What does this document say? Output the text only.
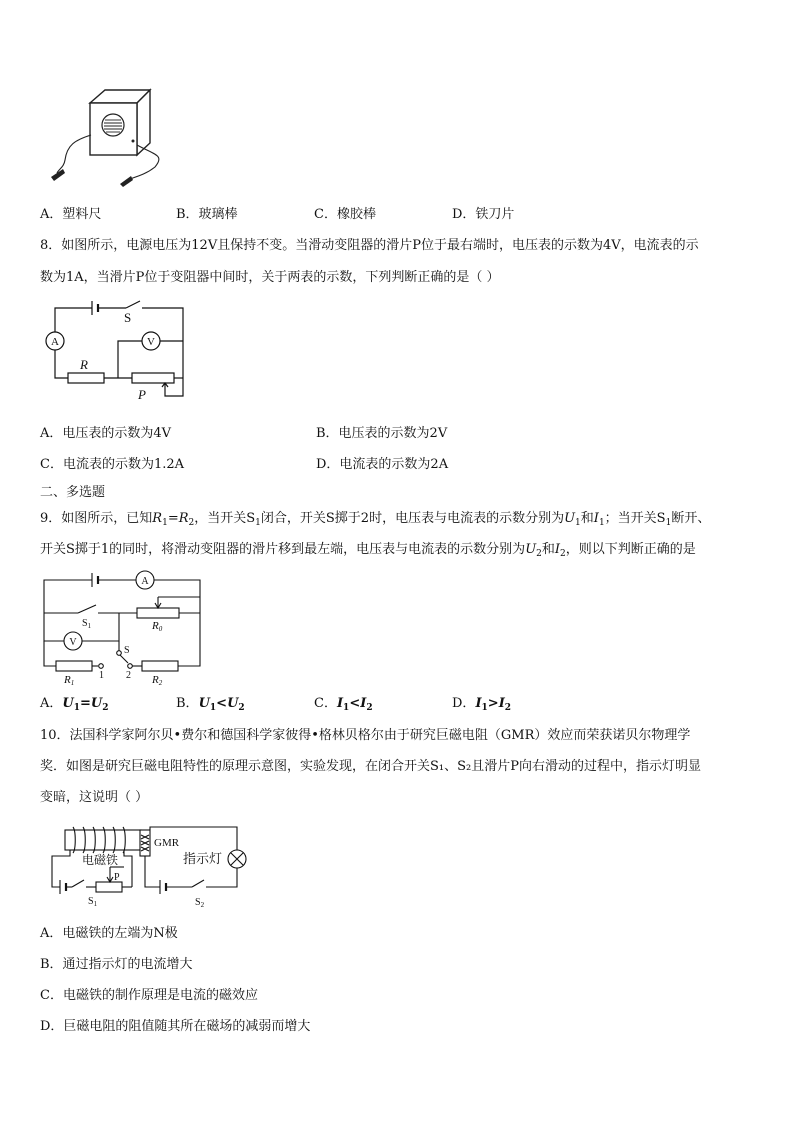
A．塑料尺	B．玻璃棒	C．橡胶棒	D．铁刀片
8．如图所示，电源电压为12V且保持不变。当滑动变阻器的滑片P位于最右端时，电压表的示数为4V，电流表的示
数为1A，当滑片P位于变阻器中间时，关于两表的示数，下列判断正确的是（ ）
A	V
S
R
P
A．电压表的示数为4V	B．电压表的示数为2V
C．电流表的示数为1.2A	D．电流表的示数为2A
二、多选题
9．如图所示，已知$R_1=R_2$，当开关$S_1$闭合，开关S掷于2时，电压表与电流表的示数分别为$U_1$和$I_1$；当开关$S_1$断开、
开关S掷于1的同时，将滑动变阻器的滑片移到最左端，电压表与电流表的示数分别为$U_2$和$I_2$，则以下判断正确的是
A
V
$S_1$	R0
S
1 2
R1	R2
A．$U_1=U_2$	B．$U_1<U_2$	C．$I_1<I_2$	D．$I_1>I_2$
10．法国科学家阿尔贝•费尔和德国科学家彼得•格林贝格尔由于研究巨磁电阻（GMR）效应而荣获诺贝尔物理学
奖．如图是研究巨磁电阻特性的原理示意图，实验发现，在闭合开关S₁、S₂且滑片P向右滑动的过程中，指示灯明显
变暗，这说明（ ）
电磁铁
P
$S_1$
GMR
指示灯
$S_2$
A．电磁铁的左端为N极
B．通过指示灯的电流增大
C．电磁铁的制作原理是电流的磁效应
D．巨磁电阻的阻值随其所在磁场的减弱而增大
